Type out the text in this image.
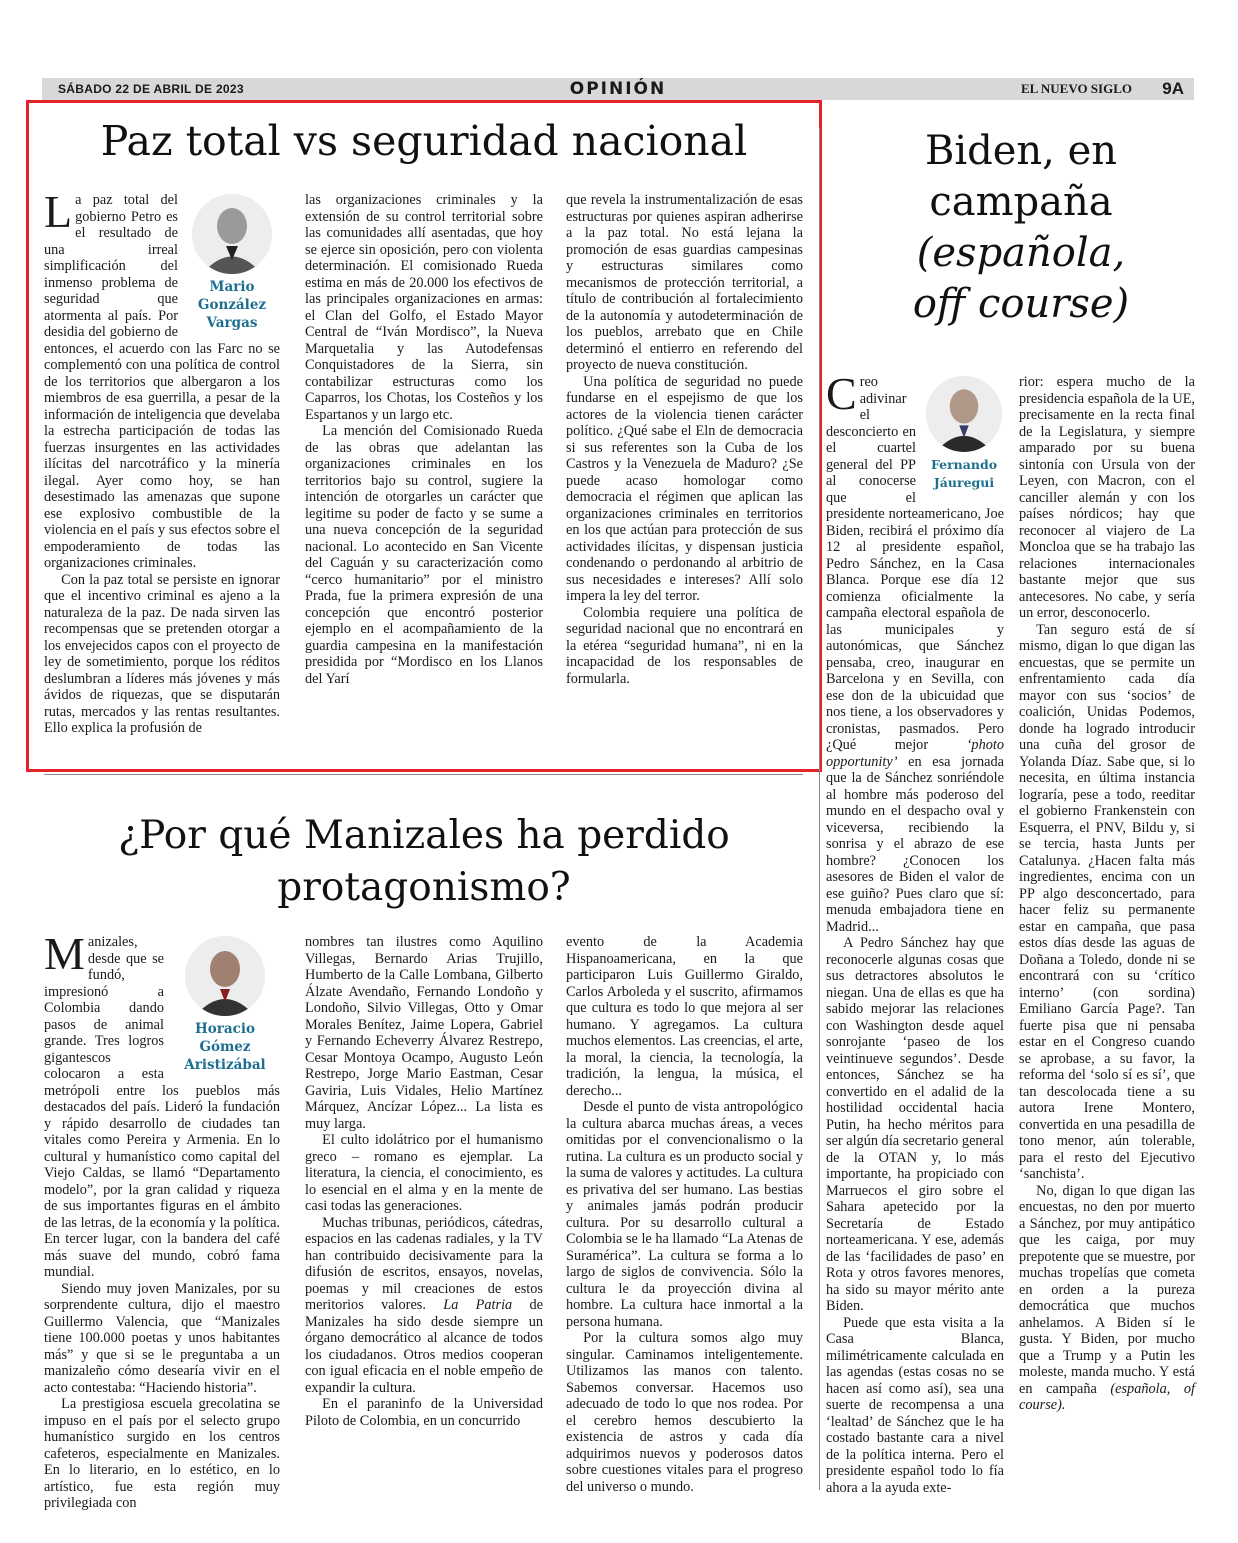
SÁBADO 22 DE ABRIL DE 2023	OPINIÓN	EL NUEVO SIGLO 9A
Paz total vs seguridad nacional
Mario
González
Vargas

La paz total del gobierno Petro es el resultado de una irreal simplificación del inmenso problema de seguridad que atormenta al país. Por desidia del gobierno de entonces, el acuerdo con las Farc no se complementó con una política de control de los territorios que albergaron a los miembros de esa guerrilla, a pesar de la información de inteligencia que develaba la estrecha participación de todas las fuerzas insurgentes en las actividades ilícitas del narcotráfico y la minería ilegal. Ayer como hoy, se han desestimado las amenazas que supone ese explosivo combustible de la violencia en el país y sus efectos sobre el empoderamiento de todas las organizaciones criminales.

Con la paz total se persiste en ignorar que el incentivo criminal es ajeno a la naturaleza de la paz. De nada sirven las recompensas que se pretenden otorgar a los envejecidos capos con el proyecto de ley de sometimiento, porque los réditos deslumbran a líderes más jóvenes y más ávidos de riquezas, que se disputarán rutas, mercados y las rentas resultantes. Ello explica la profusión de

las organizaciones criminales y la extensión de su control territorial sobre las comunidades allí asentadas, que hoy se ejerce sin oposición, pero con violenta determinación. El comisionado Rueda estima en más de 20.000 los efectivos de las principales organizaciones en armas: el Clan del Golfo, el Estado Mayor Central de “Iván Mordisco”, la Nueva Marquetalia y las Autodefensas Conquistadores de la Sierra, sin contabilizar estructuras como los Caparros, los Chotas, los Costeños y los Espartanos y un largo etc.

La mención del Comisionado Rueda de las obras que adelantan las organizaciones criminales en los territorios bajo su control, sugiere la intención de otorgarles un carácter que legitime su poder de facto y se sume a una nueva concepción de la seguridad nacional. Lo acontecido en San Vicente del Caguán y su caracterización como “cerco humanitario” por el ministro Prada, fue la primera expresión de una concepción que encontró posterior ejemplo en el acompañamiento de la guardia campesina en la manifestación presidida por “Mordisco en los Llanos del Yarí

que revela la instrumentalización de esas estructuras por quienes aspiran adherirse a la paz total. No está lejana la promoción de esas guardias campesinas y estructuras similares como mecanismos de protección territorial, a título de contribución al fortalecimiento de la autonomía y autodeterminación de los pueblos, arrebato que en Chile determinó el entierro en referendo del proyecto de nueva constitución.

Una política de seguridad no puede fundarse en el espejismo de que los actores de la violencia tienen carácter político. ¿Qué sabe el Eln de democracia si sus referentes son la Cuba de los Castros y la Venezuela de Maduro? ¿Se puede acaso homologar como democracia el régimen que aplican las organizaciones criminales en territorios en los que actúan para protección de sus actividades ilícitas, y dispensan justicia condenando o perdonando al arbitrio de sus necesidades e intereses? Allí solo impera la ley del terror.

Colombia requiere una política de seguridad nacional que no encontrará en la etérea “seguridad humana”, ni en la incapacidad de los responsables de formularla.

¿Por qué Manizales ha perdido protagonismo?
Horacio
Gómez
Aristizábal

Manizales, desde que se fundó, impresionó a Colombia dando pasos de animal grande. Tres logros gigantescos colocaron a esta metrópoli entre los pueblos más destacados del país. Lideró la fundación y rápido desarrollo de ciudades tan vitales como Pereira y Armenia. En lo cultural y humanístico como capital del Viejo Caldas, se llamó “Departamento modelo”, por la gran calidad y riqueza de sus importantes figuras en el ámbito de las letras, de la economía y la política. En tercer lugar, con la bandera del café más suave del mundo, cobró fama mundial.

Siendo muy joven Manizales, por su sorprendente cultura, dijo el maestro Guillermo Valencia, que “Manizales tiene 100.000 poetas y unos habitantes más” y que si se le preguntaba a un manizaleño cómo desearía vivir en el acto contestaba: “Haciendo historia”.

La prestigiosa escuela grecolatina se impuso en el país por el selecto grupo humanístico surgido en los centros cafeteros, especialmente en Manizales. En lo literario, en lo estético, en lo artístico, fue esta región muy privilegiada con

nombres tan ilustres como Aquilino Villegas, Bernardo Arias Trujillo, Humberto de la Calle Lombana, Gilberto Álzate Avendaño, Fernando Londoño y Londoño, Silvio Villegas, Otto y Omar Morales Benítez, Jaime Lopera, Gabriel y Fernando Echeverry Álvarez Restrepo, Cesar Montoya Ocampo, Augusto León Restrepo, Jorge Mario Eastman, Cesar Gaviria, Luis Vidales, Helio Martínez Márquez, Ancízar López... La lista es muy larga.

El culto idolátrico por el humanismo greco – romano es ejemplar. La literatura, la ciencia, el conocimiento, es lo esencial en el alma y en la mente de casi todas las generaciones.

Muchas tribunas, periódicos, cátedras, espacios en las cadenas radiales, y la TV han contribuido decisivamente para la difusión de escritos, ensayos, novelas, poemas y mil creaciones de estos meritorios valores. La Patria de Manizales ha sido desde siempre un órgano democrático al alcance de todos los ciudadanos. Otros medios cooperan con igual eficacia en el noble empeño de expandir la cultura.

En el paraninfo de la Universidad Piloto de Colombia, en un concurrido

evento de la Academia Hispanoamericana, en la que participaron Luis Guillermo Giraldo, Carlos Arboleda y el suscrito, afirmamos que cultura es todo lo que mejora al ser humano. Y agregamos. La cultura muchos elementos. Las creencias, el arte, la moral, la ciencia, la tecnología, la tradición, la lengua, la música, el derecho...

Desde el punto de vista antropológico la cultura abarca muchas áreas, a veces omitidas por el convencionalismo o la rutina. La cultura es un producto social y la suma de valores y actitudes. La cultura es privativa del ser humano. Las bestias y animales jamás podrán producir cultura. Por su desarrollo cultural a Colombia se le ha llamado “La Atenas de Suramérica”. La cultura se forma a lo largo de siglos de convivencia. Sólo la cultura le da proyección divina al hombre. La cultura hace inmortal a la persona humana.

Por la cultura somos algo muy singular. Caminamos inteligentemente. Utilizamos las manos con talento. Sabemos conversar. Hacemos uso adecuado de todo lo que nos rodea. Por el cerebro hemos descubierto la existencia de astros y cada día adquirimos nuevos y poderosos datos sobre cuestiones vitales para el progreso del universo o mundo.

Biden, en
campaña
(española,
off course)
Fernando
Jáuregui

Creo adivinar el desconcierto en el cuartel general del PP al conocerse que el presidente norteamericano, Joe Biden, recibirá el próximo día 12 al presidente español, Pedro Sánchez, en la Casa Blanca. Porque ese día 12 comienza oficialmente la campaña electoral española de las municipales y autonómicas, que Sánchez pensaba, creo, inaugurar en Barcelona y en Sevilla, con ese don de la ubicuidad que nos tiene, a los observadores y cronistas, pasmados. Pero ¿Qué mejor	‘photo opportunity’ en esa jornada que la de Sánchez sonriéndole al hombre más poderoso del mundo en el despacho oval y viceversa, recibiendo la sonrisa y el abrazo de ese hombre? ¿Conocen los asesores de Biden el valor de ese guiño? Pues claro que sí: menuda embajadora tiene en Madrid...

A Pedro Sánchez hay que reconocerle algunas cosas que sus detractores absolutos le niegan. Una de ellas es que ha sabido mejorar las relaciones con Washington desde aquel sonrojante ‘paseo de los veintinueve segundos’. Desde entonces, Sánchez se ha convertido en el adalid de la hostilidad occidental hacia Putin, ha hecho méritos para ser algún día secretario general de la OTAN y, lo más importante, ha propiciado con Marruecos el giro sobre el Sahara apetecido por la Secretaría de Estado norteamericana. Y ese, además de las ‘facilidades de paso’ en Rota y otros favores menores, ha sido su mayor mérito ante Biden.

Puede que esta visita a la Casa Blanca, milimétricamente calculada en las agendas (estas cosas no se hacen así como así), sea una suerte de recompensa a una ‘lealtad’ de Sánchez que le ha costado bastante cara a nivel de la política interna. Pero el presidente español todo lo fía ahora a la ayuda exte-

rior: espera mucho de la presidencia española de la UE, precisamente en la recta final de la Legislatura, y siempre amparado por su buena sintonía con Ursula von der Leyen, con Macron, con el canciller alemán y con los países nórdicos; hay que reconocer al viajero de La Moncloa que se ha trabajo las relaciones internacionales bastante mejor que sus antecesores. No cabe, y sería un error, desconocerlo.

Tan seguro está de sí mismo, digan lo que digan las encuestas, que se permite un enfrentamiento cada día mayor con sus ‘socios’ de coalición, Unidas Podemos, donde ha logrado introducir una cuña del grosor de Yolanda Díaz. Sabe que, si lo necesita, en última instancia lograría, pese a todo, reeditar el gobierno Frankenstein con Esquerra, el PNV, Bildu y, si se tercia, hasta Junts per Catalunya. ¿Hacen falta más ingredientes, encima con un PP algo desconcertado, para hacer feliz su permanente estar en campaña, que pasa estos días desde las aguas de Doñana a Toledo, donde ni se encontrará con su ‘crítico interno’ (con sordina) Emiliano García Page?. Tan fuerte pisa que ni pensaba estar en el Congreso cuando se aprobase, a su favor, la reforma del ‘solo sí es sí’, que tan descolocada tiene a su autora Irene Montero, convertida en una pesadilla de tono menor, aún tolerable, para el resto del Ejecutivo ‘sanchista’.

No, digan lo que digan las encuestas, no den por muerto a Sánchez, por muy antipático que les caiga, por muy prepotente que se muestre, por muchas tropelías que cometa en orden a la pureza democrática que muchos anhelamos. A Biden sí le gusta. Y Biden, por mucho que a Trump y a Putin les moleste, manda mucho. Y está en campaña (española, of course).
